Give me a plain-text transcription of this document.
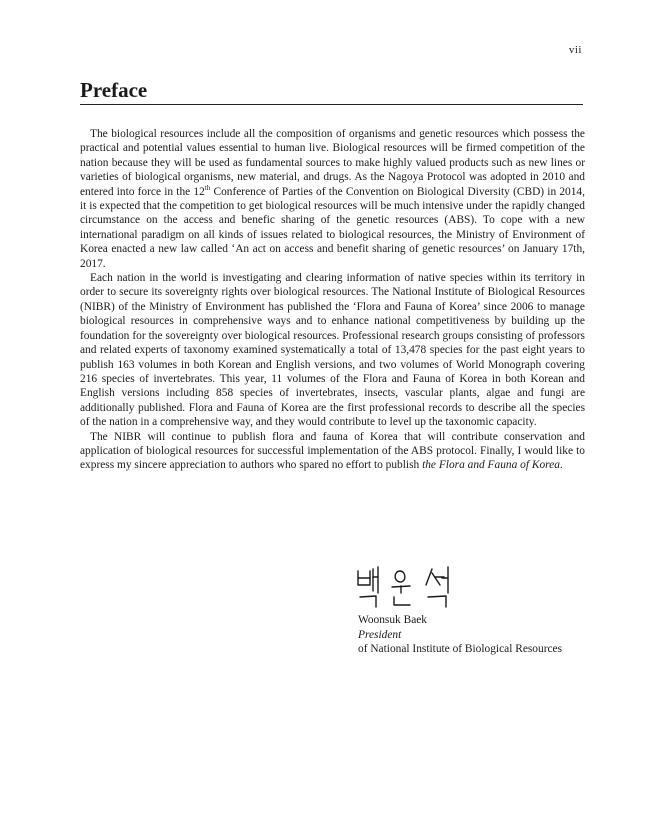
vii
Preface

The biological resources include all the composition of organisms and genetic resources which possess the practical and potential values essential to human live. Biological resources will be firmed competition of the nation because they will be used as fundamental sources to make highly valued products such as new lines or varieties of biological organisms, new material, and drugs. As the Nagoya Protocol was adopted in 2010 and entered into force in the 12th Conference of Parties of the Convention on Biological Diversity (CBD) in 2014, it is expected that the competition to get biological resources will be much intensive under the rapidly changed circumstance on the access and benefic sharing of the genetic resources (ABS). To cope with a new international paradigm on all kinds of issues related to biological resources, the Ministry of Environment of Korea enacted a new law called ‘An act on access and benefit sharing of genetic resources’ on January 17th, 2017.

Each nation in the world is investigating and clearing information of native species within its territory in order to secure its sovereignty rights over biological resources. The National Institute of Biological Resources (NIBR) of the Ministry of Environment has published the ‘Flora and Fauna of Korea’ since 2006 to manage biological resources in comprehensive ways and to enhance national competitiveness by building up the foundation for the sovereignty over biological resources. Professional research groups consisting of professors and related experts of taxonomy examined systematically a total of 13,478 species for the past eight years to publish 163 volumes in both Korean and English versions, and two volumes of World Monograph covering 216 species of invertebrates. This year, 11 volumes of the Flora and Fauna of Korea in both Korean and English versions including 858 species of invertebrates, insects, vascular plants, algae and fungi are additionally published. Flora and Fauna of Korea are the first professional records to describe all the species of the nation in a comprehensive way, and they would contribute to level up the taxonomic capacity.

The NIBR will continue to publish flora and fauna of Korea that will contribute conservation and application of biological resources for successful implementation of the ABS protocol. Finally, I would like to express my sincere appreciation to authors who spared no effort to publish the Flora and Fauna of Korea.

Woonsuk Baek
President
of National Institute of Biological Resources
